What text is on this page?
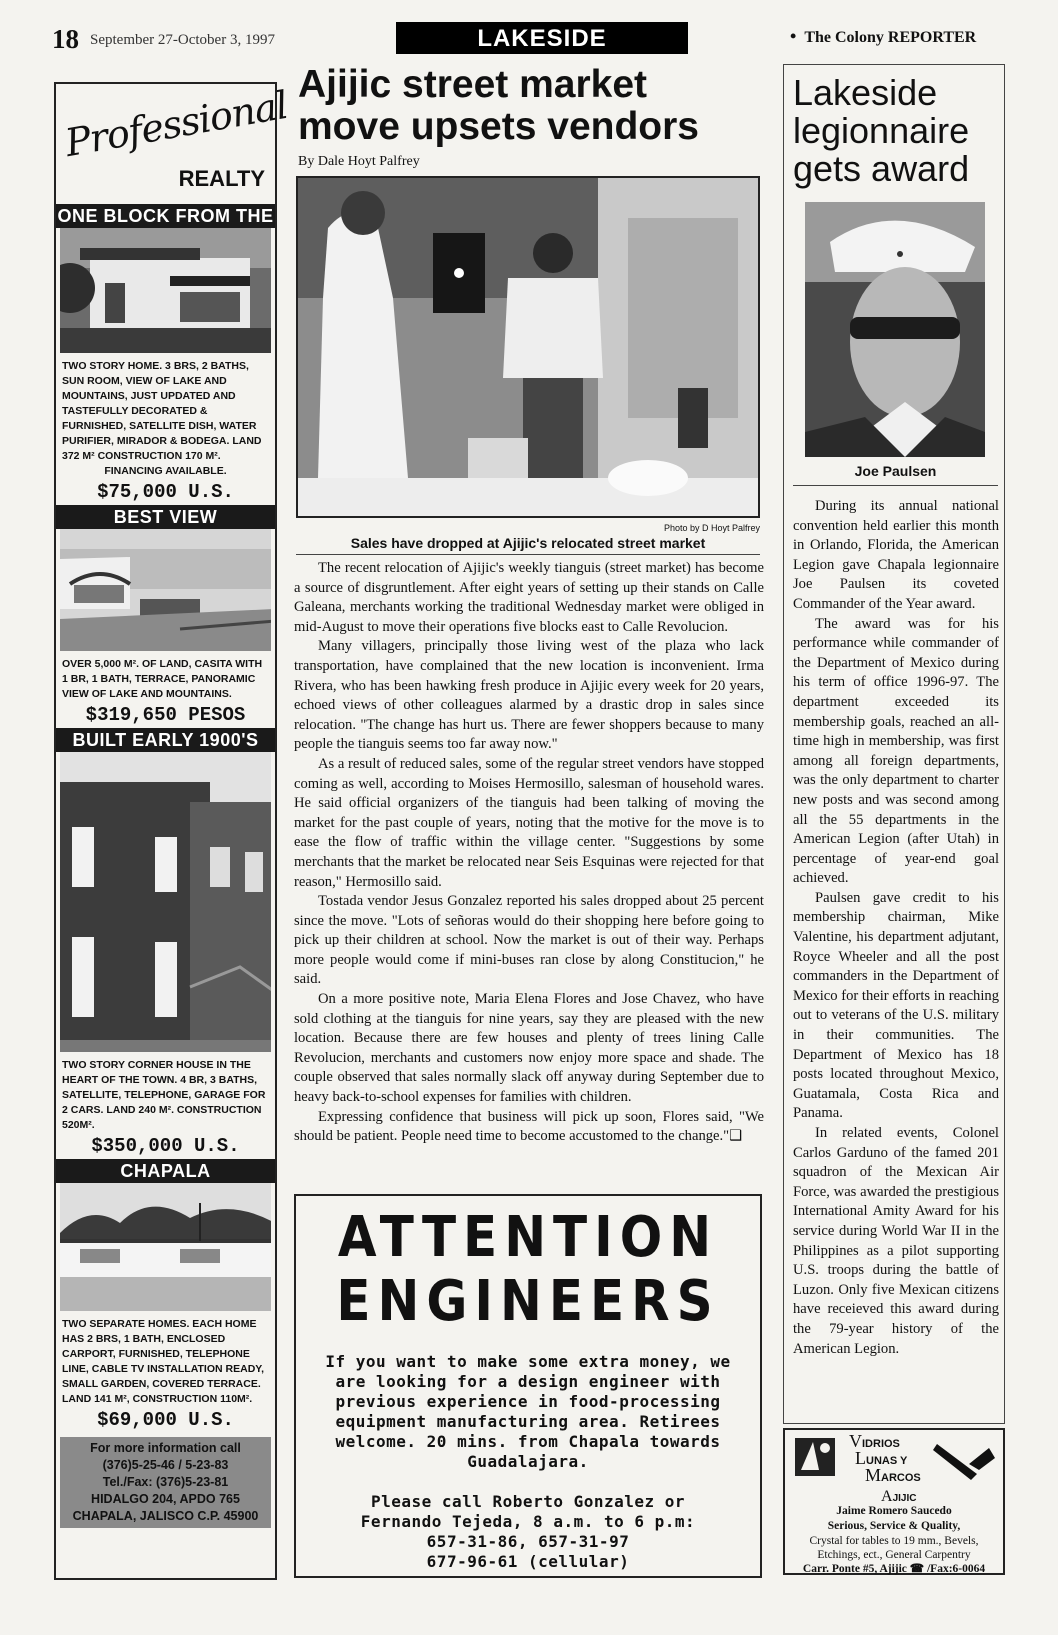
18 September 27-October 3, 1997	LAKESIDE	• The Colony REPORTER
Professional
REALTY
ONE BLOCK FROM THE
TWO STORY HOME. 3 BRS, 2 BATHS, SUN ROOM, VIEW OF LAKE AND MOUNTAINS, JUST UPDATED AND TASTEFULLY DECORATED & FURNISHED, SATELLITE DISH, WATER PURIFIER, MIRADOR & BODEGA. LAND 372 M² CONSTRUCTION 170 M².
FINANCING AVAILABLE.
$75,000 U.S.
BEST VIEW
OVER 5,000 M². OF LAND, CASITA WITH 1 BR, 1 BATH, TERRACE, PANORAMIC VIEW OF LAKE AND MOUNTAINS.
$319,650 PESOS
BUILT EARLY 1900'S
TWO STORY CORNER HOUSE IN THE HEART OF THE TOWN. 4 BR, 3 BATHS, SATELLITE, TELEPHONE, GARAGE FOR 2 CARS. LAND 240 M². CONSTRUCTION 520M².
$350,000 U.S.
CHAPALA
TWO SEPARATE HOMES. EACH HOME HAS 2 BRS, 1 BATH, ENCLOSED CARPORT, FURNISHED, TELEPHONE LINE, CABLE TV INSTALLATION READY, SMALL GARDEN, COVERED TERRACE. LAND 141 M², CONSTRUCTION 110M².
$69,000 U.S.
For more information call
(376)5-25-46 / 5-23-83
Tel./Fax: (376)5-23-81
HIDALGO 204, APDO 765
CHAPALA, JALISCO C.P. 45900
Ajijic street market move upsets vendors
By Dale Hoyt Palfrey
Photo by D Hoyt Palfrey
Sales have dropped at Ajijic's relocated street market

The recent relocation of Ajijic's weekly tianguis (street market) has become a source of disgruntlement. After eight years of setting up their stands on Calle Galeana, merchants working the traditional Wednesday market were obliged in mid-August to move their operations five blocks east to Calle Revolucion.

Many villagers, principally those living west of the plaza who lack transportation, have complained that the new location is inconvenient. Irma Rivera, who has been hawking fresh produce in Ajijic every week for 20 years, echoed views of other colleagues alarmed by a drastic drop in sales since relocation. "The change has hurt us. There are fewer shoppers because to many people the tianguis seems too far away now."

As a result of reduced sales, some of the regular street vendors have stopped coming as well, according to Moises Hermosillo, salesman of household wares. He said official organizers of the tianguis had been talking of moving the market for the past couple of years, noting that the motive for the move is to ease the flow of traffic within the village center. "Suggestions by some merchants that the market be relocated near Seis Esquinas were rejected for that reason," Hermosillo said.

Tostada vendor Jesus Gonzalez reported his sales dropped about 25 percent since the move. "Lots of señoras would do their shopping here before going to pick up their children at school. Now the market is out of their way. Perhaps more people would come if mini-buses ran close by along Constitucion," he said.

On a more positive note, Maria Elena Flores and Jose Chavez, who have sold clothing at the tianguis for nine years, say they are pleased with the new location. Because there are few houses and plenty of trees lining Calle Revolucion, merchants and customers now enjoy more space and shade. The couple observed that sales normally slack off anyway during September due to heavy back-to-school expenses for families with children.

Expressing confidence that business will pick up soon, Flores said, "We should be patient. People need time to become accustomed to the change."❑

ATTENTION
ENGINEERS
If you want to make some extra money, we are looking for a design engineer with previous experience in food-processing equipment manufacturing area. Retirees welcome. 20 mins. from Chapala towards Guadalajara.
Please call Roberto Gonzalez or
Fernando Tejeda, 8 a.m. to 6 p.m:
657-31-86, 657-31-97
677-96-61 (cellular)
Lakeside legionnaire gets award
Joe Paulsen

During its annual national convention held earlier this month in Orlando, Florida, the American Legion gave Chapala legionnaire Joe Paulsen its coveted Commander of the Year award.

The award was for his performance while commander of the Department of Mexico during his term of office 1996-97. The department exceeded its membership goals, reached an all-time high in membership, was first among all foreign departments, was the only department to charter new posts and was second among all the 55 departments in the American Legion (after Utah) in percentage of year-end goal achieved.

Paulsen gave credit to his membership chairman, Mike Valentine, his department adjutant, Royce Wheeler and all the post commanders in the Department of Mexico for their efforts in reaching out to veterans of the U.S. military in their communities. The Department of Mexico has 18 posts located throughout Mexico, Guatamala, Costa Rica and Panama.

In related events, Colonel Carlos Garduno of the famed 201 squadron of the Mexican Air Force, was awarded the prestigious International Amity Award for his service during World War II in the Philippines as a pilot supporting U.S. troops during the battle of Luzon. Only five Mexican citizens have receieved this award during the 79-year history of the American Legion.

VIDRIOS
LUNAS Y
MARCOS
AJIJIC
Jaime Romero Saucedo
Serious, Service & Quality,
Crystal for tables to 19 mm., Bevels,
Etchings, ect., General Carpentry
Carr. Ponte #5, Ajijic ☎ /Fax:6-0064
